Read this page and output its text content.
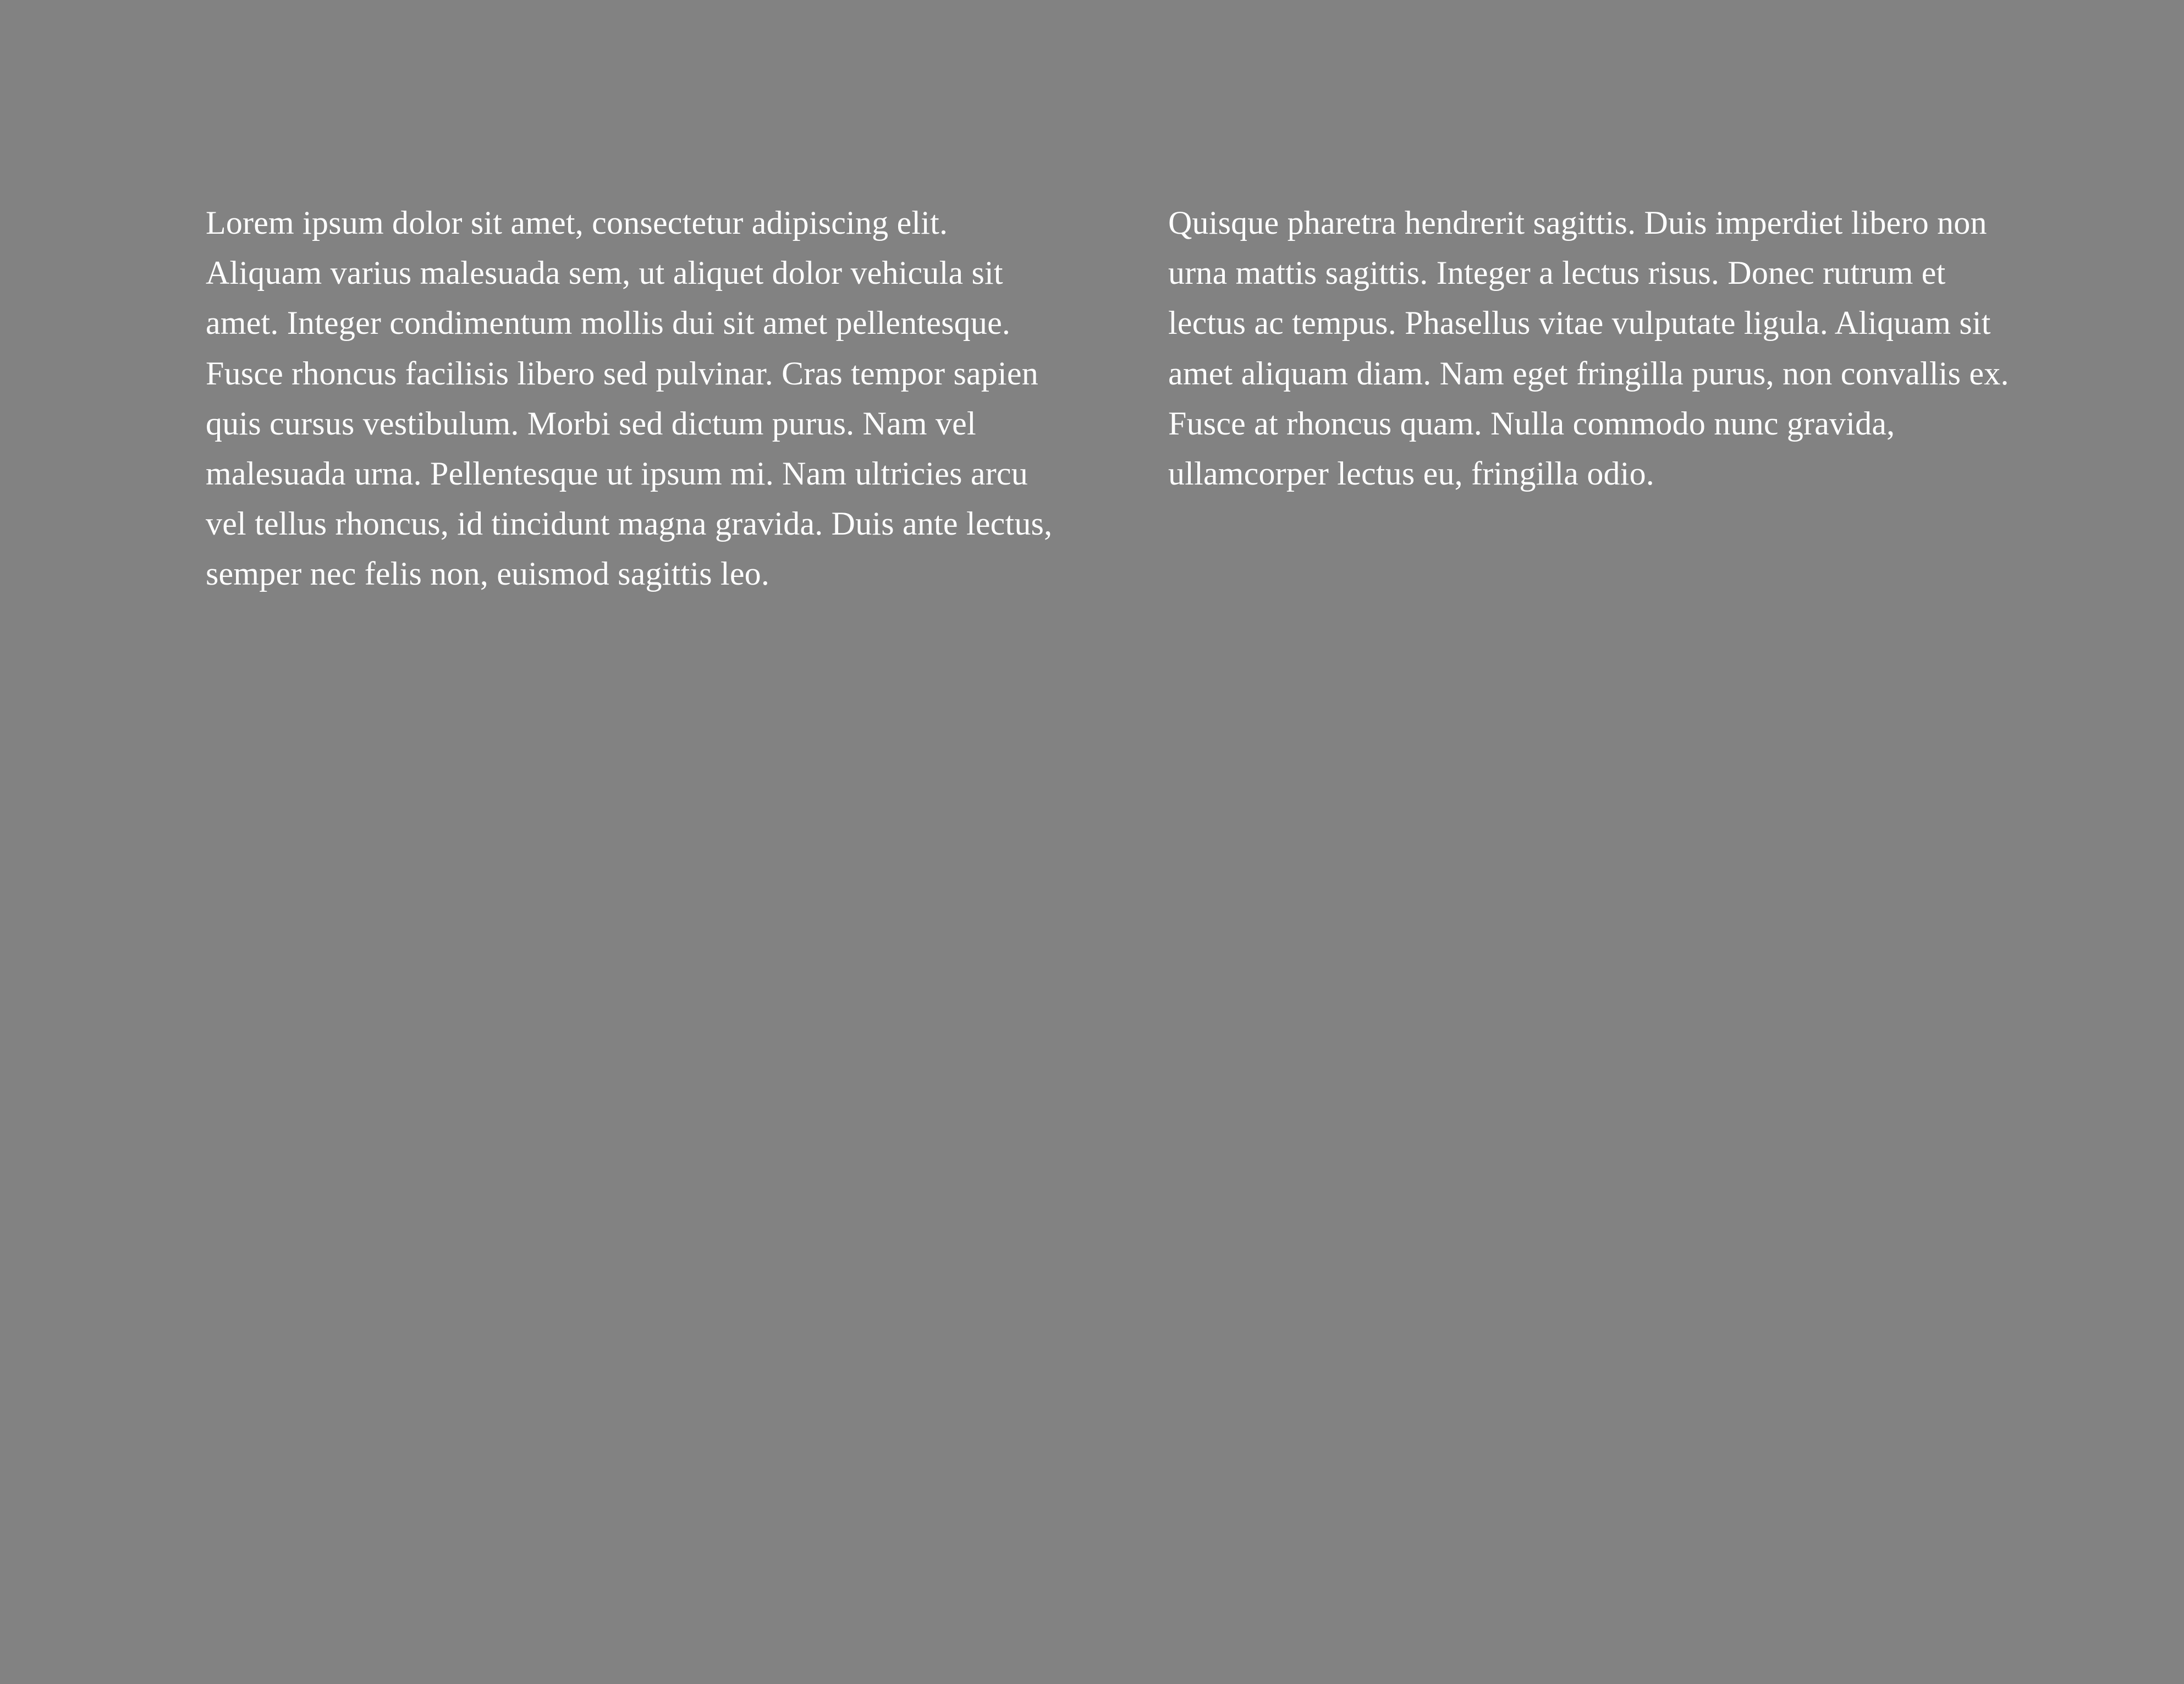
Lorem ipsum dolor sit amet, consectetur adipiscing elit. Aliquam varius malesuada sem, ut aliquet dolor vehicula sit amet. Integer condimentum mollis dui sit amet pellentesque. Fusce rhoncus facilisis libero sed pulvinar. Cras tempor sapien quis cursus vestibulum. Morbi sed dictum purus. Nam vel malesuada urna. Pellentesque ut ipsum mi. Nam ultricies arcu vel tellus rhoncus, id tincidunt magna gravida. Duis ante lectus, semper nec felis non, euismod sagittis leo.

Quisque pharetra hendrerit sagittis. Duis imperdiet libero non urna mattis sagittis. Integer a lectus risus. Donec rutrum et lectus ac tempus. Phasellus vitae vulputate ligula. Aliquam sit amet aliquam diam. Nam eget fringilla purus, non convallis ex. Fusce at rhoncus quam. Nulla commodo nunc gravida, ullamcorper lectus eu, fringilla odio.
